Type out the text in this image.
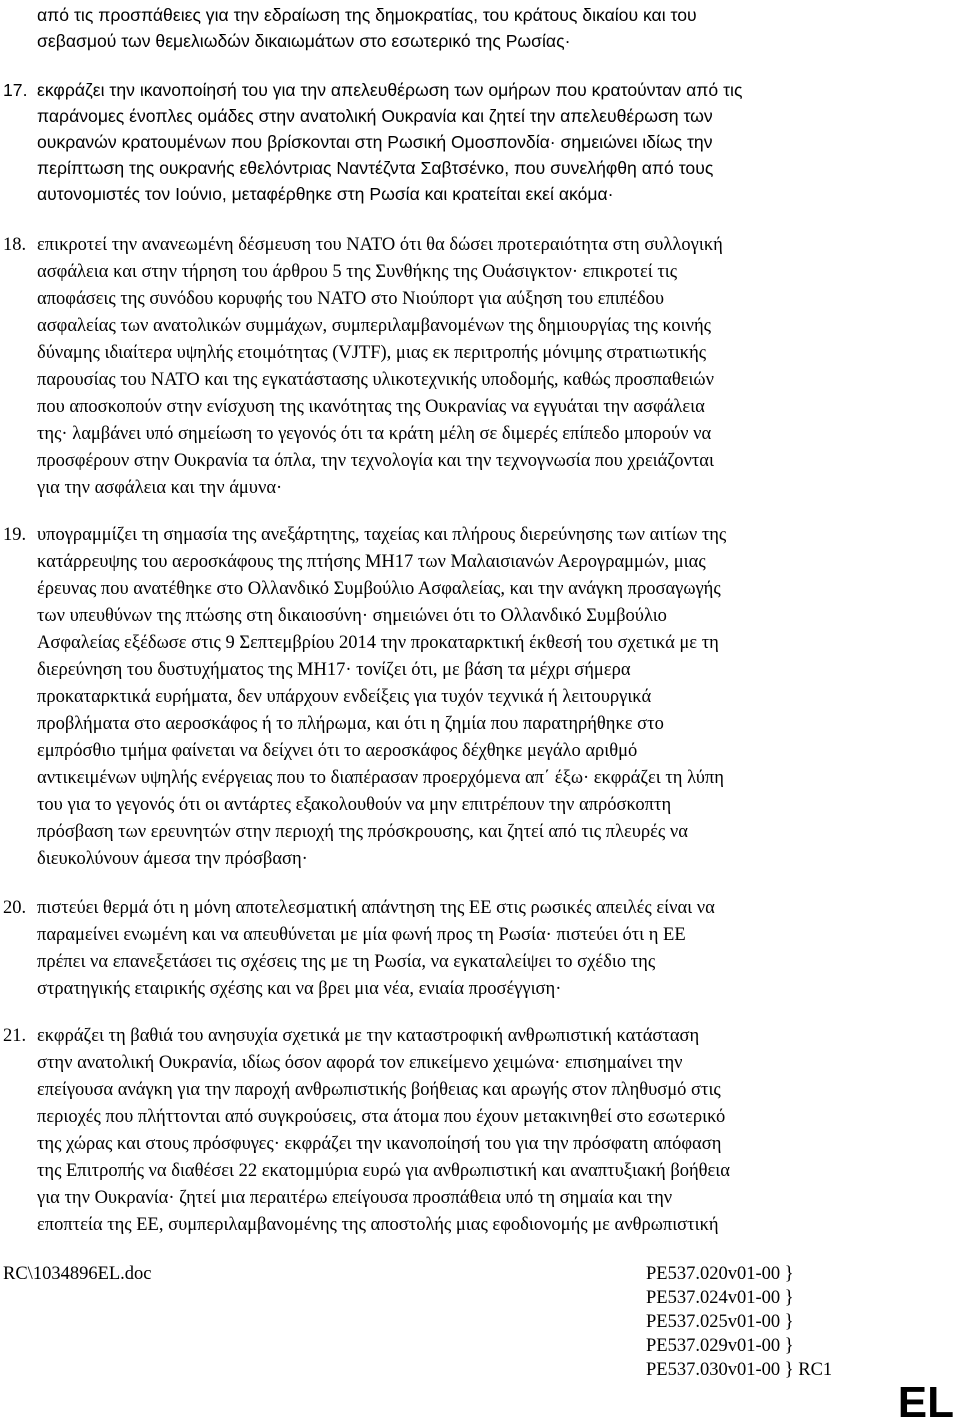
από τις προσπάθειες για την εδραίωση της δημοκρατίας, του κράτους δικαίου και του
σεβασμού των θεμελιωδών δικαιωμάτων στο εσωτερικό της Ρωσίας·
17. εκφράζει την ικανοποίησή του για την απελευθέρωση των ομήρων που κρατούνταν από τις
παράνομες ένοπλες ομάδες στην ανατολική Ουκρανία και ζητεί την απελευθέρωση των
ουκρανών κρατουμένων που βρίσκονται στη Ρωσική Ομοσπονδία· σημειώνει ιδίως την
περίπτωση της ουκρανής εθελόντριας Ναντέζντα Σαβτσένκο, που συνελήφθη από τους
αυτονομιστές τον Ιούνιο, μεταφέρθηκε στη Ρωσία και κρατείται εκεί ακόμα·
18. επικροτεί την ανανεωμένη δέσμευση του ΝΑΤΟ ότι θα δώσει προτεραιότητα στη συλλογική
ασφάλεια και στην τήρηση του άρθρου 5 της Συνθήκης της Ουάσιγκτον· επικροτεί τις
αποφάσεις της συνόδου κορυφής του ΝΑΤΟ στο Νιούπορτ για αύξηση του επιπέδου
ασφαλείας των ανατολικών συμμάχων, συμπεριλαμβανομένων της δημιουργίας της κοινής
δύναμης ιδιαίτερα υψηλής ετοιμότητας (VJTF), μιας εκ περιτροπής μόνιμης στρατιωτικής
παρουσίας του ΝΑΤΟ και της εγκατάστασης υλικοτεχνικής υποδομής, καθώς προσπαθειών
που αποσκοπούν στην ενίσχυση της ικανότητας της Ουκρανίας να εγγυάται την ασφάλεια
της· λαμβάνει υπό σημείωση το γεγονός ότι τα κράτη μέλη σε διμερές επίπεδο μπορούν να
προσφέρουν στην Ουκρανία τα όπλα, την τεχνολογία και την τεχνογνωσία που χρειάζονται
για την ασφάλεια και την άμυνα·
19. υπογραμμίζει τη σημασία της ανεξάρτητης, ταχείας και πλήρους διερεύνησης των αιτίων της
κατάρρευψης του αεροσκάφους της πτήσης MH17 των Μαλαισιανών Αερογραμμών, μιας
έρευνας που ανατέθηκε στο Ολλανδικό Συμβούλιο Ασφαλείας, και την ανάγκη προσαγωγής
των υπευθύνων της πτώσης στη δικαιοσύνη· σημειώνει ότι το Ολλανδικό Συμβούλιο
Ασφαλείας εξέδωσε στις 9 Σεπτεμβρίου 2014 την προκαταρκτική έκθεσή του σχετικά με τη
διερεύνηση του δυστυχήματος της MH17· τονίζει ότι, με βάση τα μέχρι σήμερα
προκαταρκτικά ευρήματα, δεν υπάρχουν ενδείξεις για τυχόν τεχνικά ή λειτουργικά
προβλήματα στο αεροσκάφος ή το πλήρωμα, και ότι η ζημία που παρατηρήθηκε στο
εμπρόσθιο τμήμα φαίνεται να δείχνει ότι το αεροσκάφος δέχθηκε μεγάλο αριθμό
αντικειμένων υψηλής ενέργειας που το διαπέρασαν προερχόμενα απ΄ έξω· εκφράζει τη λύπη
του για το γεγονός ότι οι αντάρτες εξακολουθούν να μην επιτρέπουν την απρόσκοπτη
πρόσβαση των ερευνητών στην περιοχή της πρόσκρουσης, και ζητεί από τις πλευρές να
διευκολύνουν άμεσα την πρόσβαση·
20. πιστεύει θερμά ότι η μόνη αποτελεσματική απάντηση της ΕΕ στις ρωσικές απειλές είναι να
παραμείνει ενωμένη και να απευθύνεται με μία φωνή προς τη Ρωσία· πιστεύει ότι η ΕΕ
πρέπει να επανεξετάσει τις σχέσεις της με τη Ρωσία, να εγκαταλείψει το σχέδιο της
στρατηγικής εταιρικής σχέσης και να βρει μια νέα, ενιαία προσέγγιση·
21. εκφράζει τη βαθιά του ανησυχία σχετικά με την καταστροφική ανθρωπιστική κατάσταση
στην ανατολική Ουκρανία, ιδίως όσον αφορά τον επικείμενο χειμώνα· επισημαίνει την
επείγουσα ανάγκη για την παροχή ανθρωπιστικής βοήθειας και αρωγής στον πληθυσμό στις
περιοχές που πλήττονται από συγκρούσεις, στα άτομα που έχουν μετακινηθεί στο εσωτερικό
της χώρας και στους πρόσφυγες· εκφράζει την ικανοποίησή του για την πρόσφατη απόφαση
της Επιτροπής να διαθέσει 22 εκατομμύρια ευρώ για ανθρωπιστική και αναπτυξιακή βοήθεια
για την Ουκρανία· ζητεί μια περαιτέρω επείγουσα προσπάθεια υπό τη σημαία και την
εποπτεία της ΕΕ, συμπεριλαμβανομένης της αποστολής μιας εφοδιονομής με ανθρωπιστική
RC\1034896EL.doc	PE537.020v01-00 }
PE537.024v01-00 }
PE537.025v01-00 }
PE537.029v01-00 }
PE537.030v01-00 } RC1
EL
